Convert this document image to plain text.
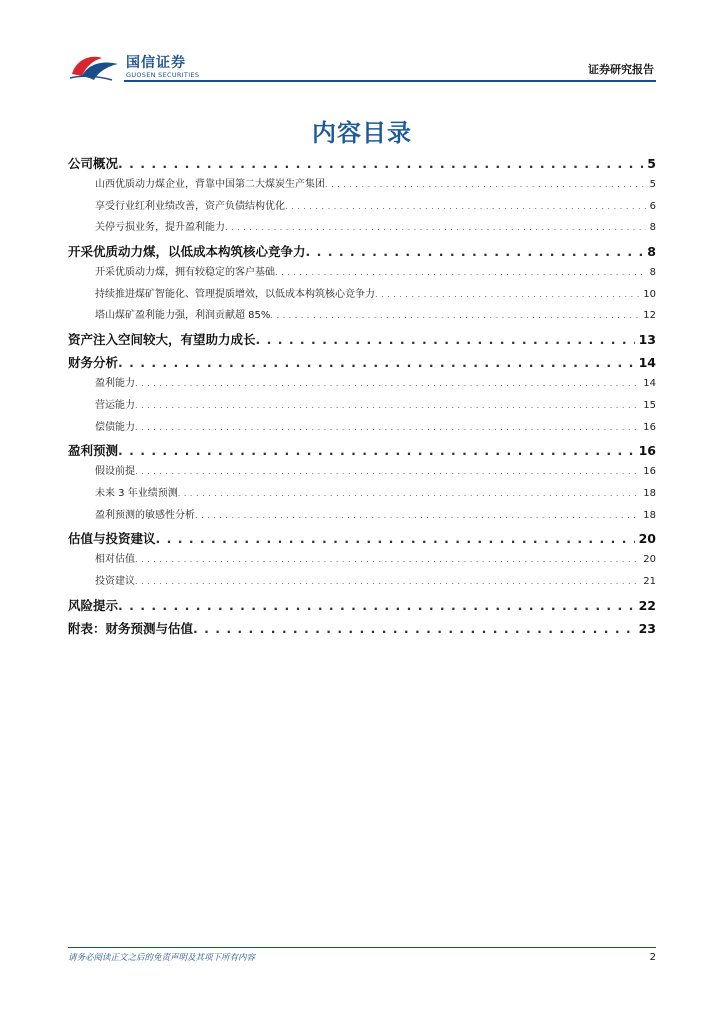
国信证券
GUOSEN SECURITIES	证券研究报告
内容目录
公司概况 . . .	5
山西优质动力煤企业，背靠中国第二大煤炭生产集团 . . .	5
享受行业红利业绩改善，资产负债结构优化 . . .	6
关停亏损业务，提升盈利能力 . . .	8
开采优质动力煤，以低成本构筑核心竞争力 . . .	8
开采优质动力煤，拥有较稳定的客户基础 . . .	8
持续推进煤矿智能化、管理提质增效，以低成本构筑核心竞争力 . . .	10
塔山煤矿盈利能力强，利润贡献超 85% . . .	12
资产注入空间较大，有望助力成长 . . .	13
财务分析 . . .	14
盈利能力 . . .	14
营运能力 . . .	15
偿债能力 . . .	16
盈利预测 . . .	16
假设前提 . . .	16
未来 3 年业绩预测 . . .	18
盈利预测的敏感性分析 . . .	18
估值与投资建议 . . .	20
相对估值 . . .	20
投资建议 . . .	21
风险提示 . . .	22
附表：财务预测与估值 . . .	23
请务必阅读正文之后的免责声明及其项下所有内容	2
